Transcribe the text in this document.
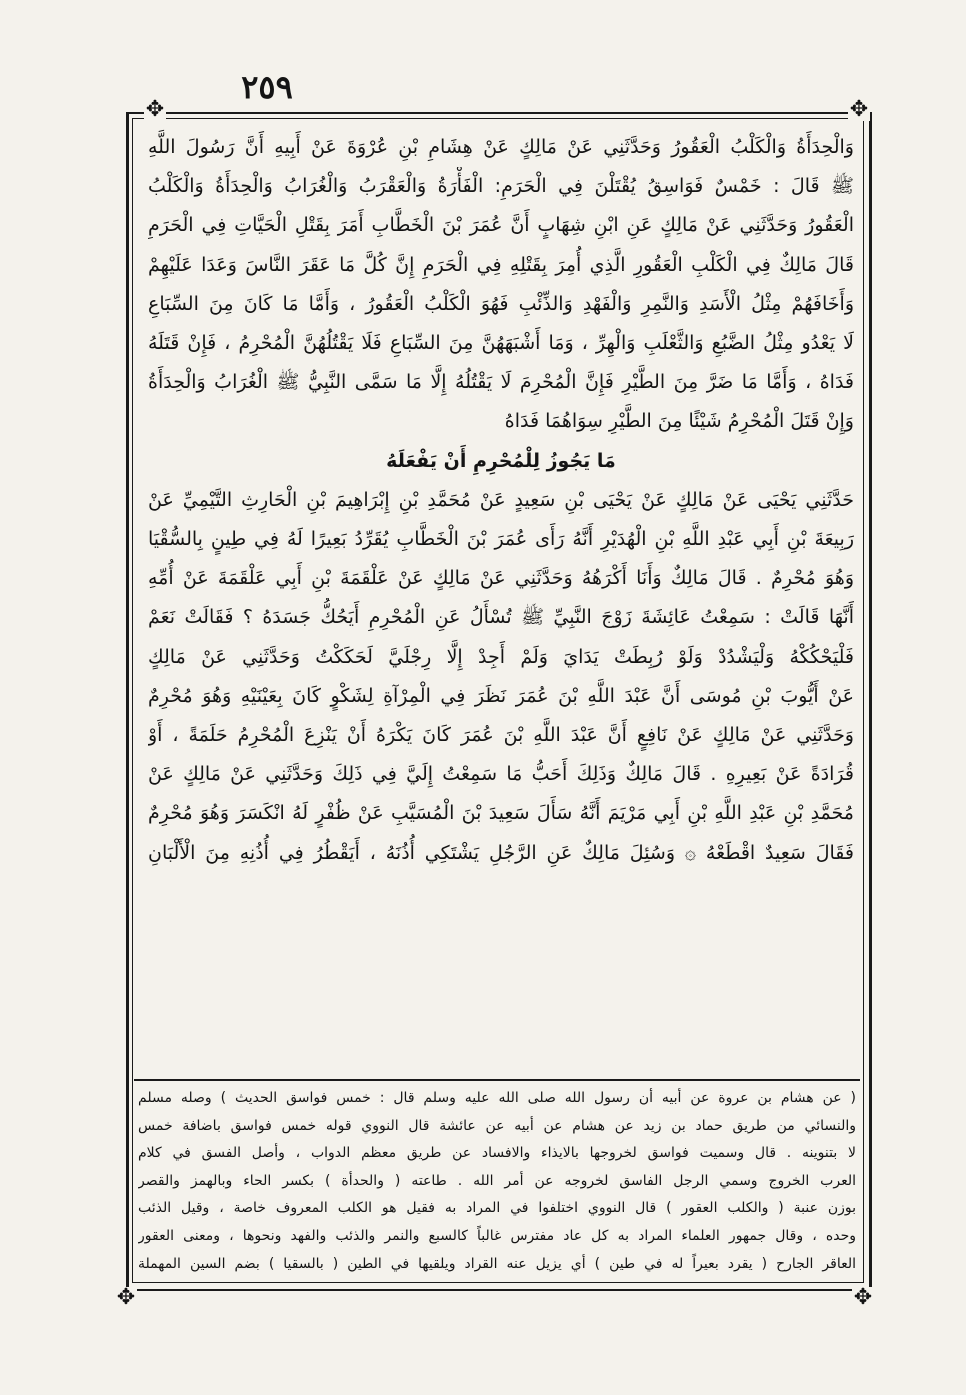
٢٥٩
✥	✥
✥	✥
وَالْحِدَأَةُ وَالْكَلْبُ الْعَقُورُ وَحَدَّثَنِي عَنْ مَالِكٍ عَنْ هِشَامِ بْنِ عُرْوَةَ عَنْ أَبِيهِ أَنَّ رَسُولَ اللَّهِ
ﷺ قَالَ : خَمْسٌ فَوَاسِقُ يُقْتَلْنَ فِي الْحَرَمِ: الْفَأْرَةُ وَالْعَقْرَبُ وَالْغُرَابُ وَالْحِدَأَةُ وَالْكَلْبُ
الْعَقُورُ وَحَدَّثَنِي عَنْ مَالِكٍ عَنِ ابْنِ شِهَابٍ أَنَّ عُمَرَ بْنَ الْخَطَّابِ أَمَرَ بِقَتْلِ الْحَيَّاتِ فِي الْحَرَمِ
قَالَ مَالِكٌ فِي الْكَلْبِ الْعَقُورِ الَّذِي أُمِرَ بِقَتْلِهِ فِي الْحَرَمِ إِنَّ كُلَّ مَا عَقَرَ النَّاسَ وَعَدَا عَلَيْهِمْ
وَأَخَافَهُمْ مِثْلُ الْأَسَدِ وَالنَّمِرِ وَالْفَهْدِ وَالذِّئْبِ فَهُوَ الْكَلْبُ الْعَقُورُ ، وَأَمَّا مَا كَانَ مِنَ السِّبَاعِ
لَا يَعْدُو مِثْلُ الضَّبُعِ وَالثَّعْلَبِ وَالْهِرِّ ، وَمَا أَشْبَهَهُنَّ مِنَ السِّبَاعِ فَلَا يَقْتُلُهُنَّ الْمُحْرِمُ ، فَإِنْ قَتَلَهُ
فَدَاهُ ، وَأَمَّا مَا ضَرَّ مِنَ الطَّيْرِ فَإِنَّ الْمُحْرِمَ لَا يَقْتُلُهُ إِلَّا مَا سَمَّى النَّبِيُّ ﷺ الْغُرَابُ وَالْحِدَأَةُ
وَإِنْ قَتَلَ الْمُحْرِمُ شَيْئًا مِنَ الطَّيْرِ سِوَاهُمَا فَدَاهُ
مَا يَجُوزُ لِلْمُحْرِمِ أَنْ يَفْعَلَهُ
حَدَّثَنِي يَحْيَى عَنْ مَالِكٍ عَنْ يَحْيَى بْنِ سَعِيدٍ عَنْ مُحَمَّدِ بْنِ إِبْرَاهِيمَ بْنِ الْحَارِثِ التَّيْمِيِّ عَنْ
رَبِيعَةَ بْنِ أَبِي عَبْدِ اللَّهِ بْنِ الْهُدَيْرِ أَنَّهُ رَأَى عُمَرَ بْنَ الْخَطَّابِ يُقَرِّدُ بَعِيرًا لَهُ فِي طِينٍ بِالسُّقْيَا
وَهُوَ مُحْرِمٌ . قَالَ مَالِكٌ وَأَنَا أَكْرَهُهُ وَحَدَّثَنِي عَنْ مَالِكٍ عَنْ عَلْقَمَةَ بْنِ أَبِي عَلْقَمَةَ عَنْ أُمِّهِ
أَنَّهَا قَالَتْ : سَمِعْتُ عَائِشَةَ زَوْجَ النَّبِيِّ ﷺ تُسْأَلُ عَنِ الْمُحْرِمِ أَيَحُكُّ جَسَدَهُ ؟ فَقَالَتْ نَعَمْ
فَلْيَحْكُكْهُ وَلْيَشْدُدْ وَلَوْ رُبِطَتْ يَدَايَ وَلَمْ أَجِدْ إِلَّا رِجْلَيَّ لَحَكَكْتُ وَحَدَّثَنِي عَنْ مَالِكٍ
عَنْ أَيُّوبَ بْنِ مُوسَى أَنَّ عَبْدَ اللَّهِ بْنَ عُمَرَ نَظَرَ فِي الْمِرْآةِ لِشَكْوٍ كَانَ بِعَيْنَيْهِ وَهُوَ مُحْرِمٌ
وَحَدَّثَنِي عَنْ مَالِكٍ عَنْ نَافِعٍ أَنَّ عَبْدَ اللَّهِ بْنَ عُمَرَ كَانَ يَكْرَهُ أَنْ يَنْزِعَ الْمُحْرِمُ حَلَمَةً ، أَوْ
قُرَادَةً عَنْ بَعِيرِهِ . قَالَ مَالِكٌ وَذَلِكَ أَحَبُّ مَا سَمِعْتُ إِلَيَّ فِي ذَلِكَ وَحَدَّثَنِي عَنْ مَالِكٍ عَنْ
مُحَمَّدِ بْنِ عَبْدِ اللَّهِ بْنِ أَبِي مَرْيَمَ أَنَّهُ سَأَلَ سَعِيدَ بْنَ الْمُسَيَّبِ عَنْ ظُفْرٍ لَهُ انْكَسَرَ وَهُوَ مُحْرِمٌ
فَقَالَ سَعِيدٌ اقْطَعْهُ ۞ وَسُئِلَ مَالِكٌ عَنِ الرَّجُلِ يَشْتَكِي أُذُنَهُ ، أَيَقْطُرُ فِي أُذُنِهِ مِنَ الْأَلْبَانِ
( عن هشام بن عروة عن أبيه أن رسول الله صلى الله عليه وسلم قال : خمس فواسق الحديث ) وصله مسلم
والنسائي من طريق حماد بن زيد عن هشام عن أبيه عن عائشة قال النووي قوله خمس فواسق باضافة خمس
لا بتنوينه . قال وسميت فواسق لخروجها بالايذاء والافساد عن طريق معظم الدواب ، وأصل الفسق في كلام
العرب الخروج وسمي الرجل الفاسق لخروجه عن أمر الله . طاعته ( والحدأة ) بكسر الحاء وبالهمز والقصر
بوزن عنبة ( والكلب العقور ) قال النووي اختلفوا في المراد به فقيل هو الكلب المعروف خاصة ، وقيل الذئب
وحده ، وقال جمهور العلماء المراد به كل عاد مفترس غالباً كالسبع والنمر والذئب والفهد ونحوها ، ومعنى العقور
العاقر الجارح ( يقرد بعيراً له في طين ) أي يزيل عنه القراد ويلقيها في الطين ( بالسقيا ) بضم السين المهملة
